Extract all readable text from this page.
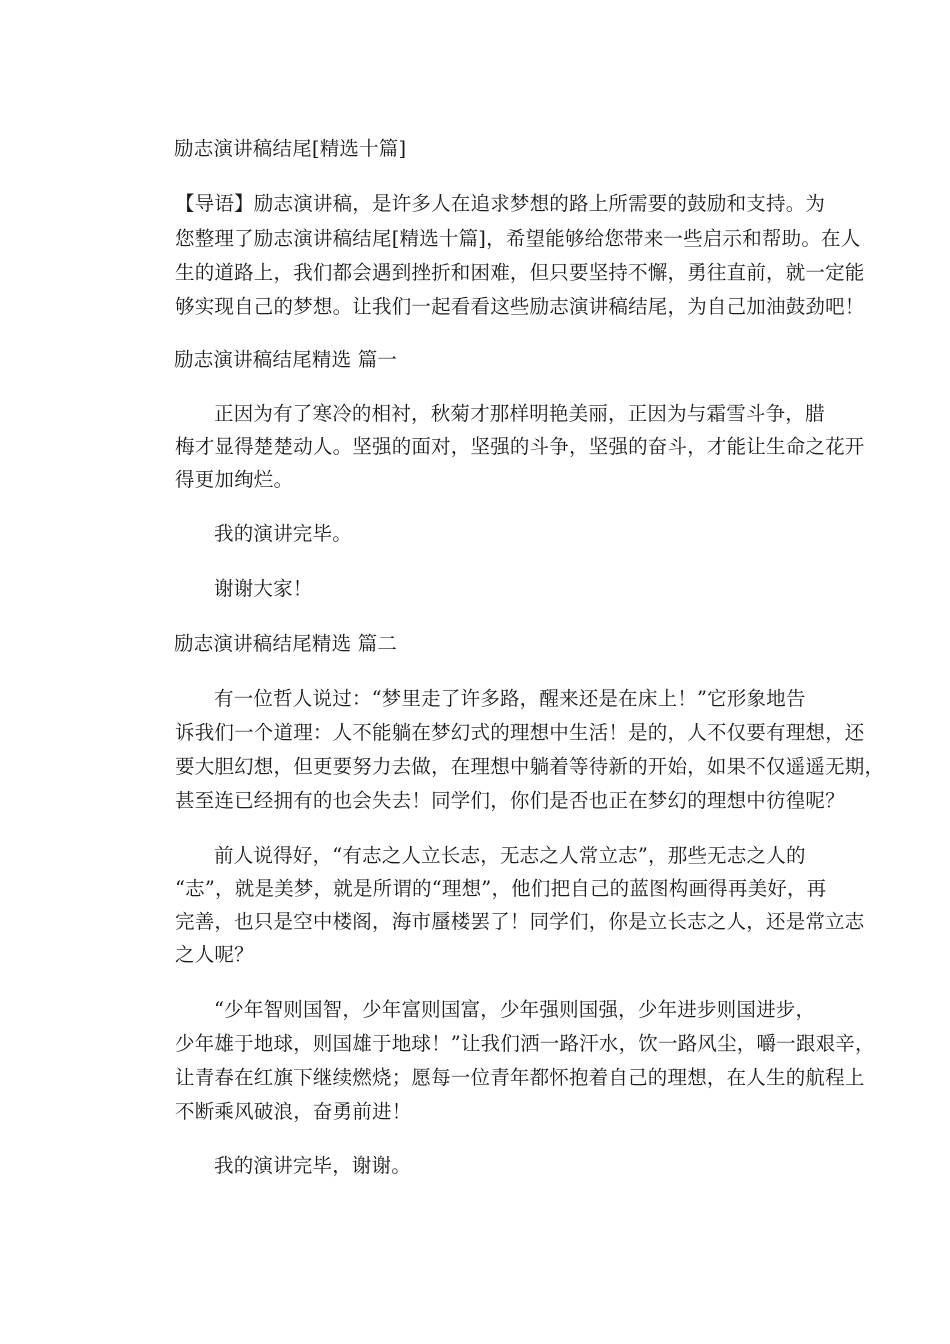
励志演讲稿结尾[精选十篇]
【导语】励志演讲稿，是许多人在追求梦想的路上所需要的鼓励和支持。为
您整理了励志演讲稿结尾[精选十篇]，希望能够给您带来一些启示和帮助。在人
生的道路上，我们都会遇到挫折和困难，但只要坚持不懈，勇往直前，就一定能
够实现自己的梦想。让我们一起看看这些励志演讲稿结尾，为自己加油鼓劲吧！
励志演讲稿结尾精选 篇一
正因为有了寒冷的相衬，秋菊才那样明艳美丽，正因为与霜雪斗争，腊
梅才显得楚楚动人。坚强的面对，坚强的斗争，坚强的奋斗，才能让生命之花开
得更加绚烂。
我的演讲完毕。
谢谢大家！
励志演讲稿结尾精选 篇二
有一位哲人说过：“梦里走了许多路，醒来还是在床上！”它形象地告
诉我们一个道理：人不能躺在梦幻式的理想中生活！是的，人不仅要有理想，还
要大胆幻想，但更要努力去做，在理想中躺着等待新的开始，如果不仅遥遥无期，
甚至连已经拥有的也会失去！同学们，你们是否也正在梦幻的理想中彷徨呢？
前人说得好，“有志之人立长志，无志之人常立志”，那些无志之人的
“志”，就是美梦，就是所谓的“理想”，他们把自己的蓝图构画得再美好，再
完善，也只是空中楼阁，海市蜃楼罢了！同学们，你是立长志之人，还是常立志
之人呢？
“少年智则国智，少年富则国富，少年强则国强，少年进步则国进步，
少年雄于地球，则国雄于地球！”让我们洒一路汗水，饮一路风尘，嚼一跟艰辛，
让青春在红旗下继续燃烧；愿每一位青年都怀抱着自己的理想，在人生的航程上
不断乘风破浪，奋勇前进！
我的演讲完毕，谢谢。
